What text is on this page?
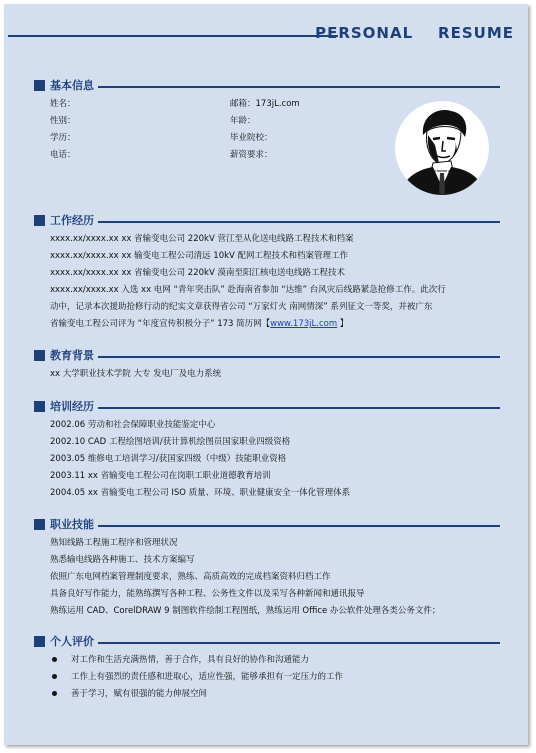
PERSONAL    RESUME
基本信息
姓名：
性别：
学历：
电话：
邮箱：173jL.com
年龄：
毕业院校：
薪资要求：
工作经历
xxxx.xx/xxxx.xx xx 省输变电公司 220kV 营江至从化送电线路工程技术和档案
xxxx.xx/xxxx.xx xx 输变电工程公司清远 10kV 配网工程技术和档案管理工作
xxxx.xx/xxxx.xx xx 省输变电公司 220kV 漠南至阳江核电送电线路工程技术
xxxx.xx/xxxx.xx 入选 xx 电网 “青年突击队” 赴海南省参加 “达维” 台风灾后线路紧急抢修工作。此次行
动中，记录本次援助抢修行动的纪实文章获得省公司 “万家灯火 南网情深” 系列征文一等奖，并被广东
省输变电工程公司评为 “年度宣传积极分子” 173 简历网【www.173jL.com 】
教育背景
xx 大学职业技术学院 大专 发电厂及电力系统
培训经历
2002.06 劳动和社会保障职业技能鉴定中心
2002.10 CAD 工程绘图培训/获计算机绘图员国家职业四级资格
2003.05 维修电工培训学习/获国家四级（中级）技能职业资格
2003.11 xx 省输变电工程公司在岗职工职业道德教育培训
2004.05 xx 省输变电工程公司 ISO 质量、环境、职业健康安全一体化管理体系
职业技能
熟知线路工程施工程序和管理状况
熟悉输电线路各种施工、技术方案编写
依照广东电网档案管理制度要求，熟练、高质高效的完成档案资料归档工作
具备良好写作能力，能熟练撰写各种工程、公务性文件以及采写各种新闻和通讯报导
熟练运用 CAD、CorelDRAW 9 制图软件绘制工程图纸，熟练运用 Office 办公软件处理各类公务文件；
个人评价
对工作和生活充满热情，善于合作，具有良好的协作和沟通能力
工作上有强烈的责任感和进取心，适应性强，能够承担有一定压力的工作
善于学习，赋有很强的能力伸展空间
